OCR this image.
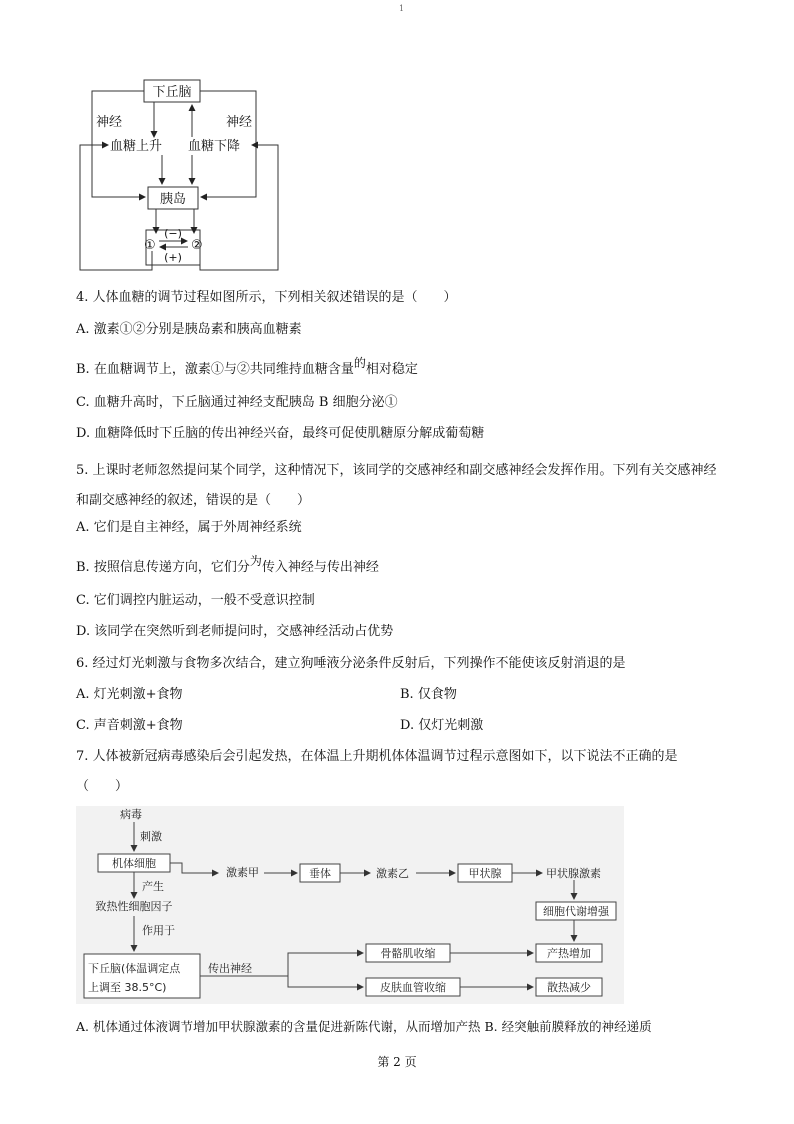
1
下丘脑
神经	神经
血糖上升 血糖下降
胰岛
①	②
(−)
(+)
4. 人体血糖的调节过程如图所示，下列相关叙述错误的是（　　）
A. 激素①②分别是胰岛素和胰高血糖素
B. 在血糖调节上，激素①与②共同维持血糖含量的相对稳定
C. 血糖升高时，下丘脑通过神经支配胰岛 B 细胞分泌①
D. 血糖降低时下丘脑的传出神经兴奋，最终可促使肌糖原分解成葡萄糖
5. 上课时老师忽然提问某个同学，这种情况下，该同学的交感神经和副交感神经会发挥作用。下列有关交感神经和副交感神经的叙述，错误的是（　　）
A. 它们是自主神经，属于外周神经系统
B. 按照信息传递方向，它们分为传入神经与传出神经
C. 它们调控内脏运动，一般不受意识控制
D. 该同学在突然听到老师提问时，交感神经活动占优势
6. 经过灯光刺激与食物多次结合，建立狗唾液分泌条件反射后，下列操作不能使该反射消退的是
A. 灯光刺激+食物	B. 仅食物
C. 声音刺激+食物	D. 仅灯光刺激
7. 人体被新冠病毒感染后会引起发热，在体温上升期机体体温调节过程示意图如下，以下说法不正确的是
（　　）
病毒
刺激
机体细胞
产生
致热性细胞因子
作用于
下丘脑(体温调定点
上调至 38.5°C)
激素甲	垂体	激素乙	甲状腺	甲状腺激素
细胞代谢增强
产热增加
传出神经
骨骼肌收缩
皮肤血管收缩	散热减少
A. 机体通过体液调节增加甲状腺激素的含量促进新陈代谢，从而增加产热 B. 经突触前膜释放的神经递质
第 2 页
